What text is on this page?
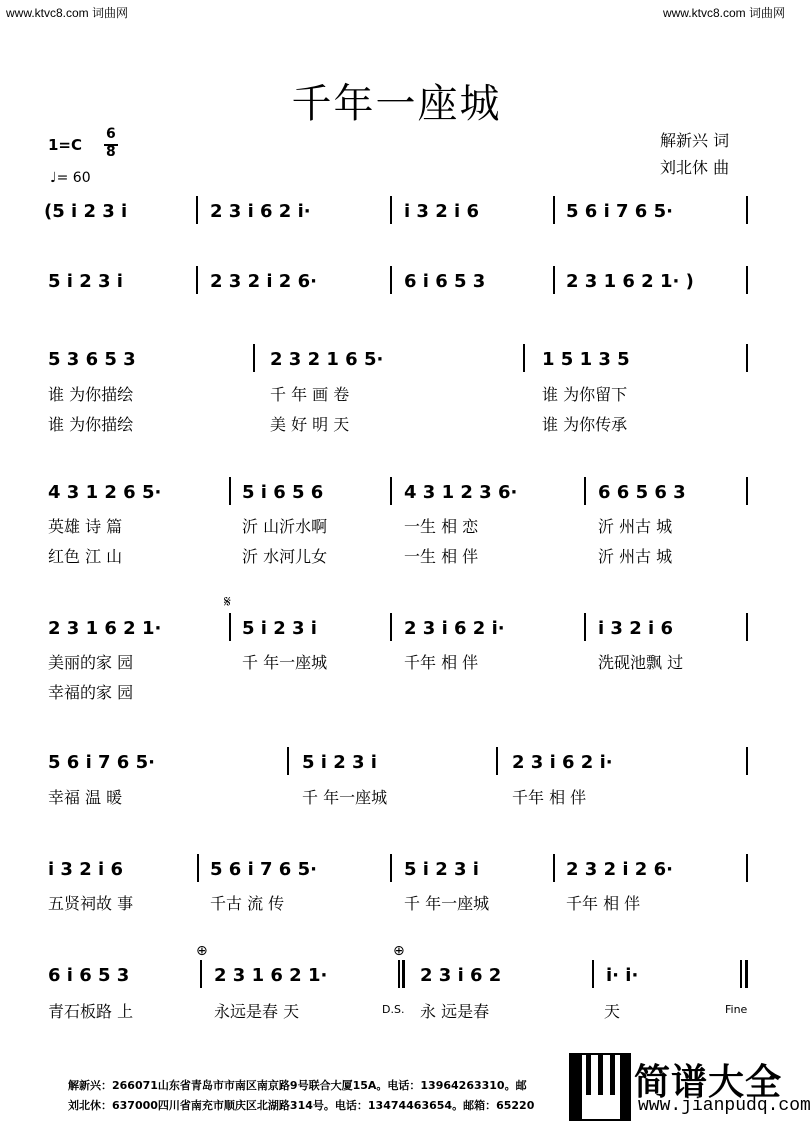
www.ktvc8.com 词曲网	www.ktvc8.com 词曲网
千年一座城
1=C
6
8
♩= 60
解新兴 词
刘北休 曲
(5 i 2 3 i	2 3 i 6 2 i·	i 3 2 i 6	5 6 i 7 6 5·
5 i 2 3 i	2 3 2 i 2 6·	6 i 6 5 3	2 3 1 6 2 1· )
5 3 6 5 3	2 3 2 1 6 5·	1 5 1 3 5
谁 为你描绘	千 年 画 卷	谁 为你留下
谁 为你描绘	美 好 明 天	谁 为你传承
4 3 1 2 6 5·	5 i 6 5 6	4 3 1 2 3 6·	6 6 5 6 3
英雄 诗 篇	沂 山沂水啊	一生 相 恋	沂 州古 城
红色 江 山	沂 水河儿女	一生 相 伴	沂 州古 城
𝄋
2 3 1 6 2 1·	5 i 2 3 i	2 3 i 6 2 i·	i 3 2 i 6
美丽的家 园	千 年一座城	千年 相 伴	洗砚池飘 过
幸福的家 园
5 6 i 7 6 5·	5 i 2 3 i	2 3 i 6 2 i·
幸福 温 暖	千 年一座城	千年 相 伴
i 3 2 i 6	5 6 i 7 6 5·	5 i 2 3 i	2 3 2 i 2 6·
五贤祠故 事	千古 流 传	千 年一座城	千年 相 伴
⊕	⊕
6 i 6 5 3	2 3 1 6 2 1·	2 3 i 6 2	i· i·
青石板路 上	永远是春 天	D.S. 永 远是春	天	Fine
解新兴：266071山东省青岛市市南区南京路9号联合大厦15A。电话：13964263310。邮
刘北休：637000四川省南充市顺庆区北湖路314号。电话：13474463654。邮箱：65220
简谱大全
www.jianpudq.com
